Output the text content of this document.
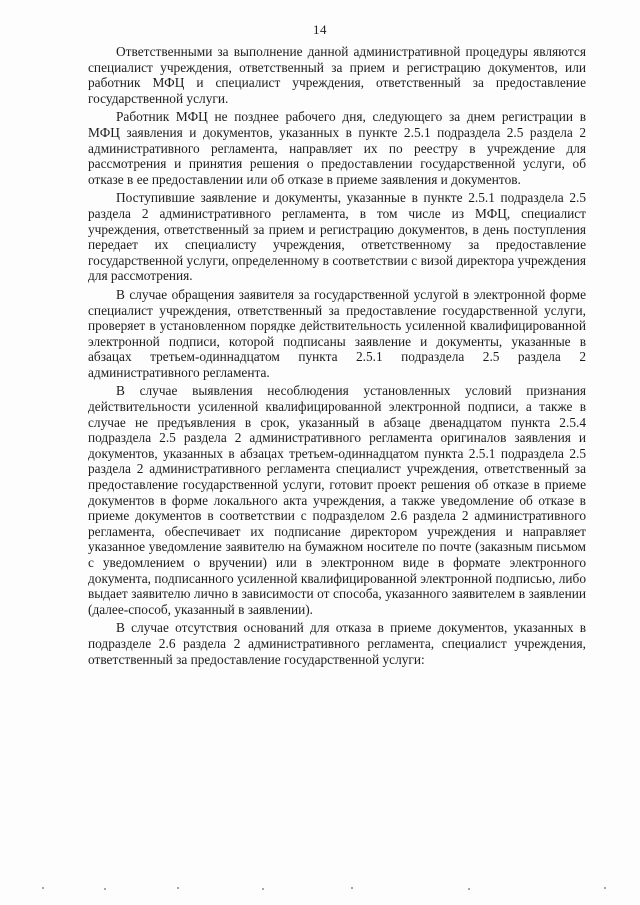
14

Ответственными за выполнение данной административной процедуры являются специалист учреждения, ответственный за прием и регистрацию документов, или работник МФЦ и специалист учреждения, ответственный за предоставление государственной услуги.

Работник МФЦ не позднее рабочего дня, следующего за днем регистрации в МФЦ заявления и документов, указанных в пункте 2.5.1 подраздела 2.5 раздела 2 административного регламента, направляет их по реестру в учреждение для рассмотрения и принятия решения о предоставлении государственной услуги, об отказе в ее предоставлении или об отказе в приеме заявления и документов.

Поступившие заявление и документы, указанные в пункте 2.5.1 подраздела 2.5 раздела 2 административного регламента, в том числе из МФЦ, специалист учреждения, ответственный за прием и регистрацию документов, в день поступления передает их специалисту учреждения, ответственному за предоставление государственной услуги, определенному в соответствии с визой директора учреждения для рассмотрения.

В случае обращения заявителя за государственной услугой в электронной форме специалист учреждения, ответственный за предоставление государственной услуги, проверяет в установленном порядке действительность усиленной квалифицированной электронной подписи, которой подписаны заявление и документы, указанные в абзацах третьем-одиннадцатом пункта 2.5.1 подраздела 2.5 раздела 2 административного регламента.

В случае выявления несоблюдения установленных условий признания действительности усиленной квалифицированной электронной подписи, а также в случае не предъявления в срок, указанный в абзаце двенадцатом пункта 2.5.4 подраздела 2.5 раздела 2 административного регламента оригиналов заявления и документов, указанных в абзацах третьем-одиннадцатом пункта 2.5.1 подраздела 2.5 раздела 2 административного регламента специалист учреждения, ответственный за предоставление государственной услуги, готовит проект решения об отказе в приеме документов в форме локального акта учреждения, а также уведомление об отказе в приеме документов в соответствии с подразделом 2.6 раздела 2 административного регламента, обеспечивает их подписание директором учреждения и направляет указанное уведомление заявителю на бумажном носителе по почте (заказным письмом с уведомлением о вручении) или в электронном виде в формате электронного документа, подписанного усиленной квалифицированной электронной подписью, либо выдает заявителю лично в зависимости от способа, указанного заявителем в заявлении (далее-способ, указанный в заявлении).

В случае отсутствия оснований для отказа в приеме документов, указанных в подразделе 2.6 раздела 2 административного регламента, специалист учреждения, ответственный за предоставление государственной услуги:
